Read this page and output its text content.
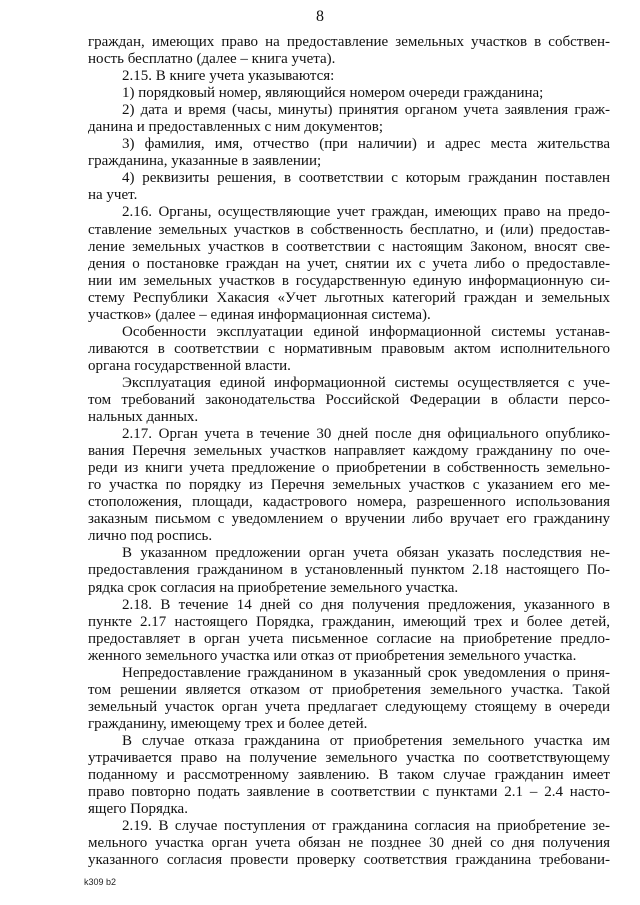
8
граждан, имеющих право на предоставление земельных участков в собствен-
ность бесплатно (далее – книга учета).
2.15. В книге учета указываются:
1) порядковый номер, являющийся номером очереди гражданина;
2) дата и время (часы, минуты) принятия органом учета заявления граж-
данина и предоставленных с ним документов;
3) фамилия, имя, отчество (при наличии) и адрес места жительства
гражданина, указанные в заявлении;
4) реквизиты решения, в соответствии с которым гражданин поставлен
на учет.
2.16. Органы, осуществляющие учет граждан, имеющих право на предо-
ставление земельных участков в собственность бесплатно, и (или) предостав-
ление земельных участков в соответствии с настоящим Законом, вносят све-
дения о постановке граждан на учет, снятии их с учета либо о предоставле-
нии им земельных участков в государственную единую информационную си-
стему Республики Хакасия «Учет льготных категорий граждан и земельных
участков» (далее – единая информационная система).
Особенности эксплуатации единой информационной системы устанав-
ливаются в соответствии с нормативным правовым актом исполнительного
органа государственной власти.
Эксплуатация единой информационной системы осуществляется с уче-
том требований законодательства Российской Федерации в области персо-
нальных данных.
2.17. Орган учета в течение 30 дней после дня официального опублико-
вания Перечня земельных участков направляет каждому гражданину по оче-
реди из книги учета предложение о приобретении в собственность земельно-
го участка по порядку из Перечня земельных участков с указанием его ме-
стоположения, площади, кадастрового номера, разрешенного использования
заказным письмом с уведомлением о вручении либо вручает его гражданину
лично под роспись.
В указанном предложении орган учета обязан указать последствия не-
предоставления гражданином в установленный пунктом 2.18 настоящего По-
рядка срок согласия на приобретение земельного участка.
2.18. В течение 14 дней со дня получения предложения, указанного в
пункте 2.17 настоящего Порядка, гражданин, имеющий трех и более детей,
предоставляет в орган учета письменное согласие на приобретение предло-
женного земельного участка или отказ от приобретения земельного участка.
Непредоставление гражданином в указанный срок уведомления о приня-
том решении является отказом от приобретения земельного участка. Такой
земельный участок орган учета предлагает следующему стоящему в очереди
гражданину, имеющему трех и более детей.
В случае отказа гражданина от приобретения земельного участка им
утрачивается право на получение земельного участка по соответствующему
поданному и рассмотренному заявлению. В таком случае гражданин имеет
право повторно подать заявление в соответствии с пунктами 2.1 – 2.4 насто-
ящего Порядка.
2.19. В случае поступления от гражданина согласия на приобретение зе-
мельного участка орган учета обязан не позднее 30 дней со дня получения
указанного согласия провести проверку соответствия гражданина требовани-
k309 b2
